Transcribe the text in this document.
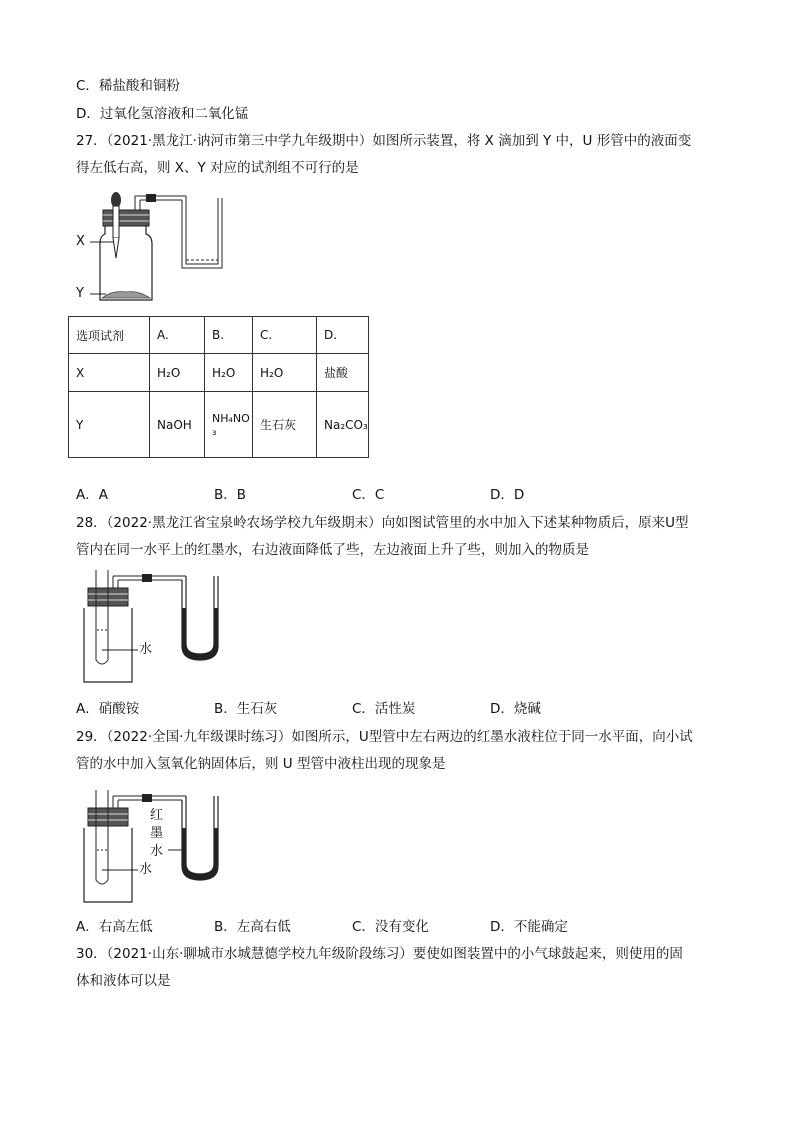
C．稀盐酸和铜粉
D．过氧化氢溶液和二氧化锰
27．（2021·黑龙江·讷河市第三中学九年级期中）如图所示装置，将 X 滴加到 Y 中，U 形管中的液面变
得左低右高，则 X、Y 对应的试剂组不可行的是
X
Y
选项试剂	A.	B.	C.	D.
X	H₂O	H₂O	H₂O	盐酸
Y	NaOH	NH₄NO₃	生石灰	Na₂CO₃
A．A	B．B	C．C	D．D
28．（2022·黑龙江省宝泉岭农场学校九年级期末）向如图试管里的水中加入下述某种物质后，原来U型
管内在同一水平上的红墨水，右边液面降低了些，左边液面上升了些，则加入的物质是
水
A．硝酸铵	B．生石灰	C．活性炭	D．烧碱
29．（2022·全国·九年级课时练习）如图所示，U型管中左右两边的红墨水液柱位于同一水平面，向小试
管的水中加入氢氧化钠固体后，则 U 型管中液柱出现的现象是
红
墨
水
水
A．右高左低	B．左高右低	C．没有变化	D．不能确定
30．（2021·山东·聊城市水城慧德学校九年级阶段练习）要使如图装置中的小气球鼓起来，则使用的固
体和液体可以是
